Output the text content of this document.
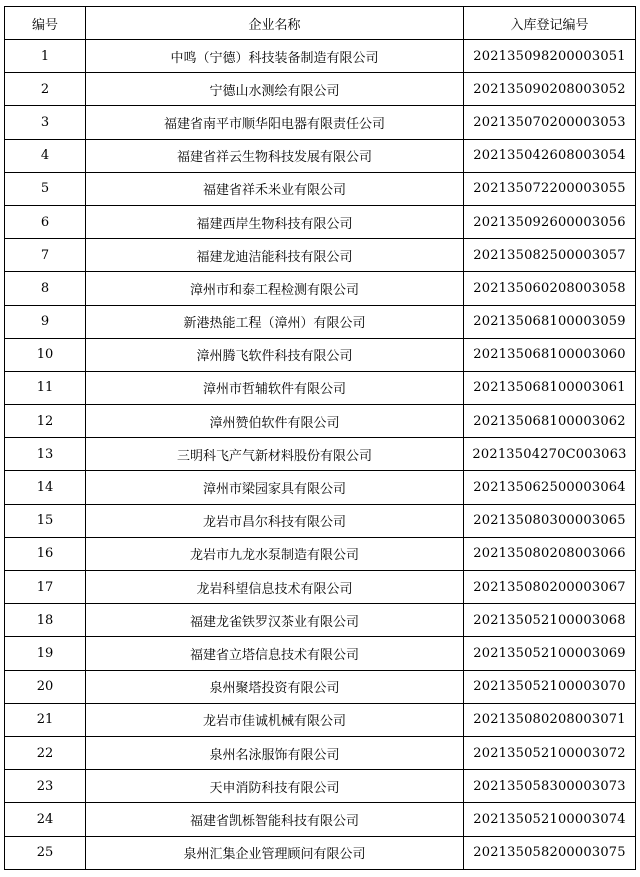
编号	企业名称	入库登记编号
1	中鸣（宁德）科技装备制造有限公司	202135098200003051
2	宁德山水测绘有限公司	202135090208003052
3	福建省南平市顺华阳电器有限责任公司	202135070200003053
4	福建省祥云生物科技发展有限公司	202135042608003054
5	福建省祥禾米业有限公司	202135072200003055
6	福建西岸生物科技有限公司	202135092600003056
7	福建龙迪洁能科技有限公司	202135082500003057
8	漳州市和泰工程检测有限公司	202135060208003058
9	新港热能工程（漳州）有限公司	202135068100003059
10	漳州腾飞软件科技有限公司	202135068100003060
11	漳州市哲辅软件有限公司	202135068100003061
12	漳州赞伯软件有限公司	202135068100003062
13	三明科飞产气新材料股份有限公司	20213504270C003063
14	漳州市梁园家具有限公司	202135062500003064
15	龙岩市昌尔科技有限公司	202135080300003065
16	龙岩市九龙水泵制造有限公司	202135080208003066
17	龙岩科望信息技术有限公司	202135080200003067
18	福建龙雀铁罗汉茶业有限公司	202135052100003068
19	福建省立塔信息技术有限公司	202135052100003069
20	泉州聚塔投资有限公司	202135052100003070
21	龙岩市佳诚机械有限公司	202135080208003071
22	泉州名泳服饰有限公司	202135052100003072
23	天申消防科技有限公司	202135058300003073
24	福建省凯栎智能科技有限公司	202135052100003074
25	泉州汇集企业管理顾问有限公司	202135058200003075
